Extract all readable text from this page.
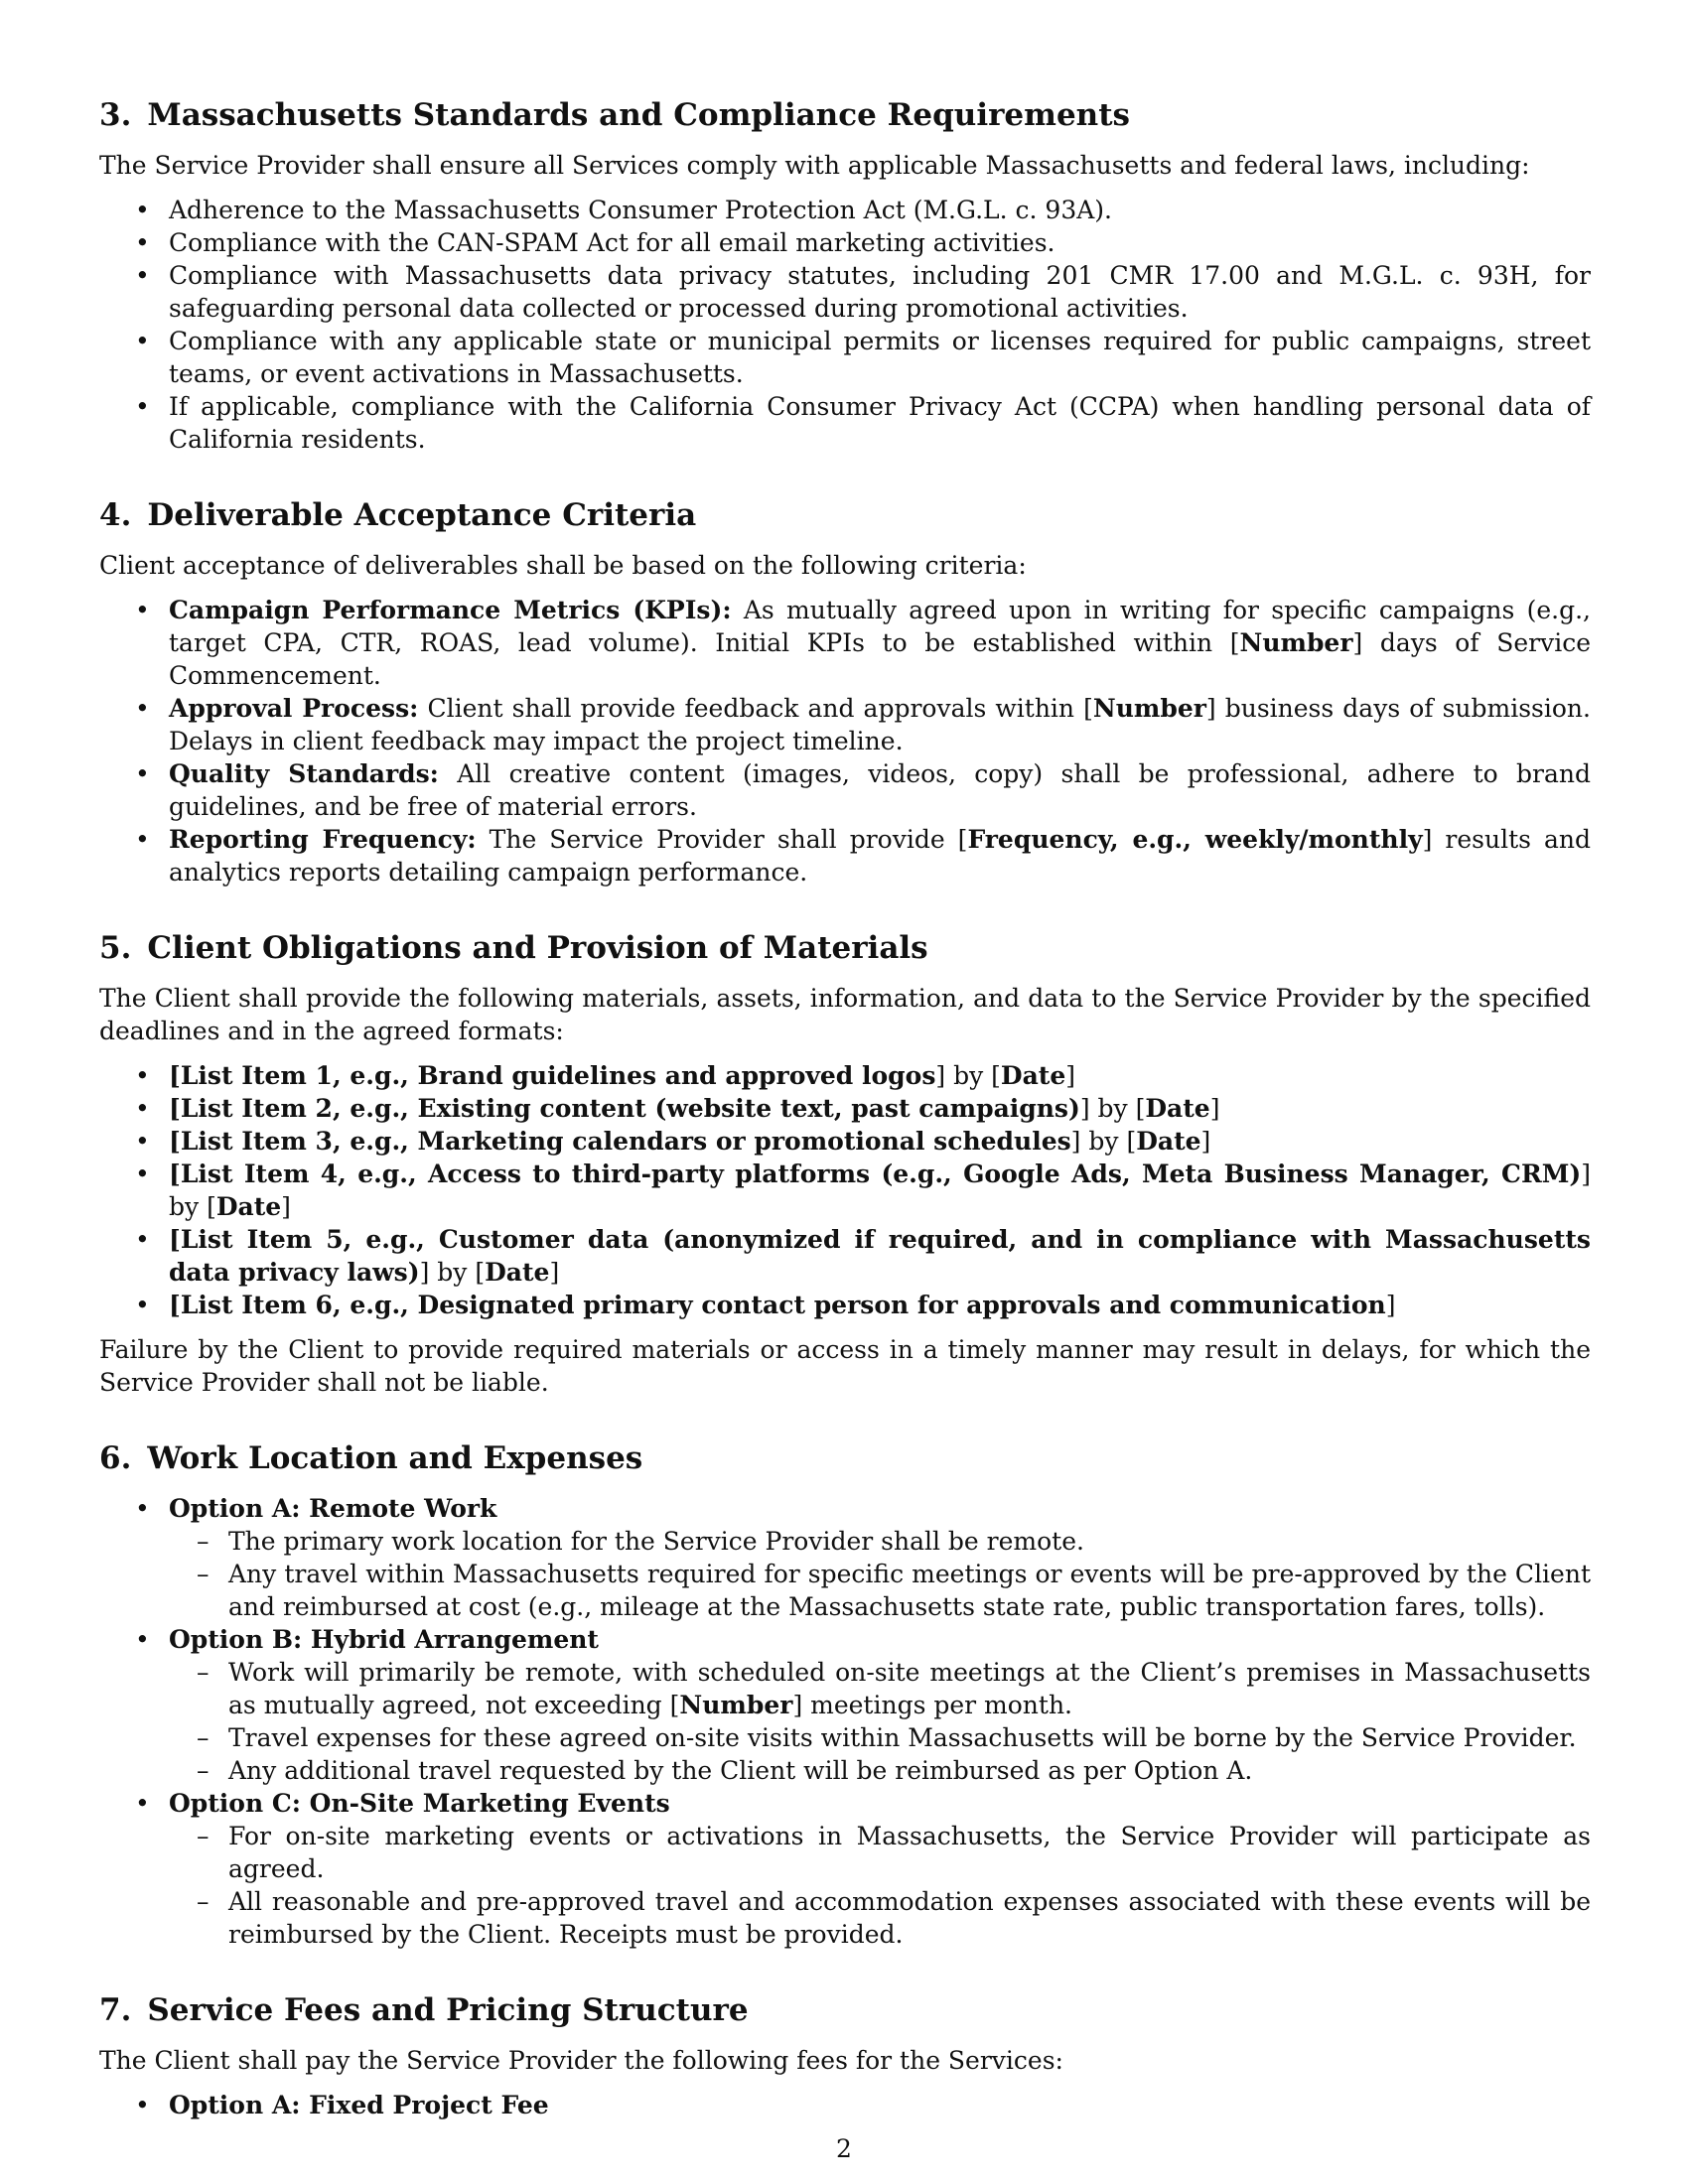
3. Massachusetts Standards and Compliance Requirements

The Service Provider shall ensure all Services comply with applicable Massachusetts and federal laws, including:

• Adherence to the Massachusetts Consumer Protection Act (M.G.L. c. 93A).
• Compliance with the CAN-SPAM Act for all email marketing activities.
• Compliance with Massachusetts data privacy statutes, including 201 CMR 17.00 and M.G.L. c. 93H, for safeguarding personal data collected or processed during promotional activities.
• Compliance with any applicable state or municipal permits or licenses required for public campaigns, street teams, or event activations in Massachusetts.
• If applicable, compliance with the California Consumer Privacy Act (CCPA) when handling personal data of California residents.
4. Deliverable Acceptance Criteria

Client acceptance of deliverables shall be based on the following criteria:

• Campaign Performance Metrics (KPIs): As mutually agreed upon in writing for specific campaigns (e.g., target CPA, CTR, ROAS, lead volume). Initial KPIs to be established within [Number] days of Service Commencement.
• Approval Process: Client shall provide feedback and approvals within [Number] business days of submission. Delays in client feedback may impact the project timeline.
• Quality Standards: All creative content (images, videos, copy) shall be professional, adhere to brand guidelines, and be free of material errors.
• Reporting Frequency: The Service Provider shall provide [Frequency, e.g., weekly/monthly] results and analytics reports detailing campaign performance.
5. Client Obligations and Provision of Materials

The Client shall provide the following materials, assets, information, and data to the Service Provider by the specified deadlines and in the agreed formats:

• [List Item 1, e.g., Brand guidelines and approved logos] by [Date]
• [List Item 2, e.g., Existing content (website text, past campaigns)] by [Date]
• [List Item 3, e.g., Marketing calendars or promotional schedules] by [Date]
• [List Item 4, e.g., Access to third-party platforms (e.g., Google Ads, Meta Business Manager, CRM)] by [Date]
• [List Item 5, e.g., Customer data (anonymized if required, and in compliance with Massachusetts data privacy laws)] by [Date]
• [List Item 6, e.g., Designated primary contact person for approvals and communication]

Failure by the Client to provide required materials or access in a timely manner may result in delays, for which the Service Provider shall not be liable.

6. Work Location and Expenses
• Option A: Remote Work
– The primary work location for the Service Provider shall be remote.
– Any travel within Massachusetts required for specific meetings or events will be pre-approved by the Client and reimbursed at cost (e.g., mileage at the Massachusetts state rate, public transportation fares, tolls).
• Option B: Hybrid Arrangement
– Work will primarily be remote, with scheduled on-site meetings at the Client’s premises in Massachusetts as mutually agreed, not exceeding [Number] meetings per month.
– Travel expenses for these agreed on-site visits within Massachusetts will be borne by the Service Provider.
– Any additional travel requested by the Client will be reimbursed as per Option A.
• Option C: On-Site Marketing Events
– For on-site marketing events or activations in Massachusetts, the Service Provider will participate as agreed.
– All reasonable and pre-approved travel and accommodation expenses associated with these events will be reimbursed by the Client. Receipts must be provided.
7. Service Fees and Pricing Structure

The Client shall pay the Service Provider the following fees for the Services:

• Option A: Fixed Project Fee
2
